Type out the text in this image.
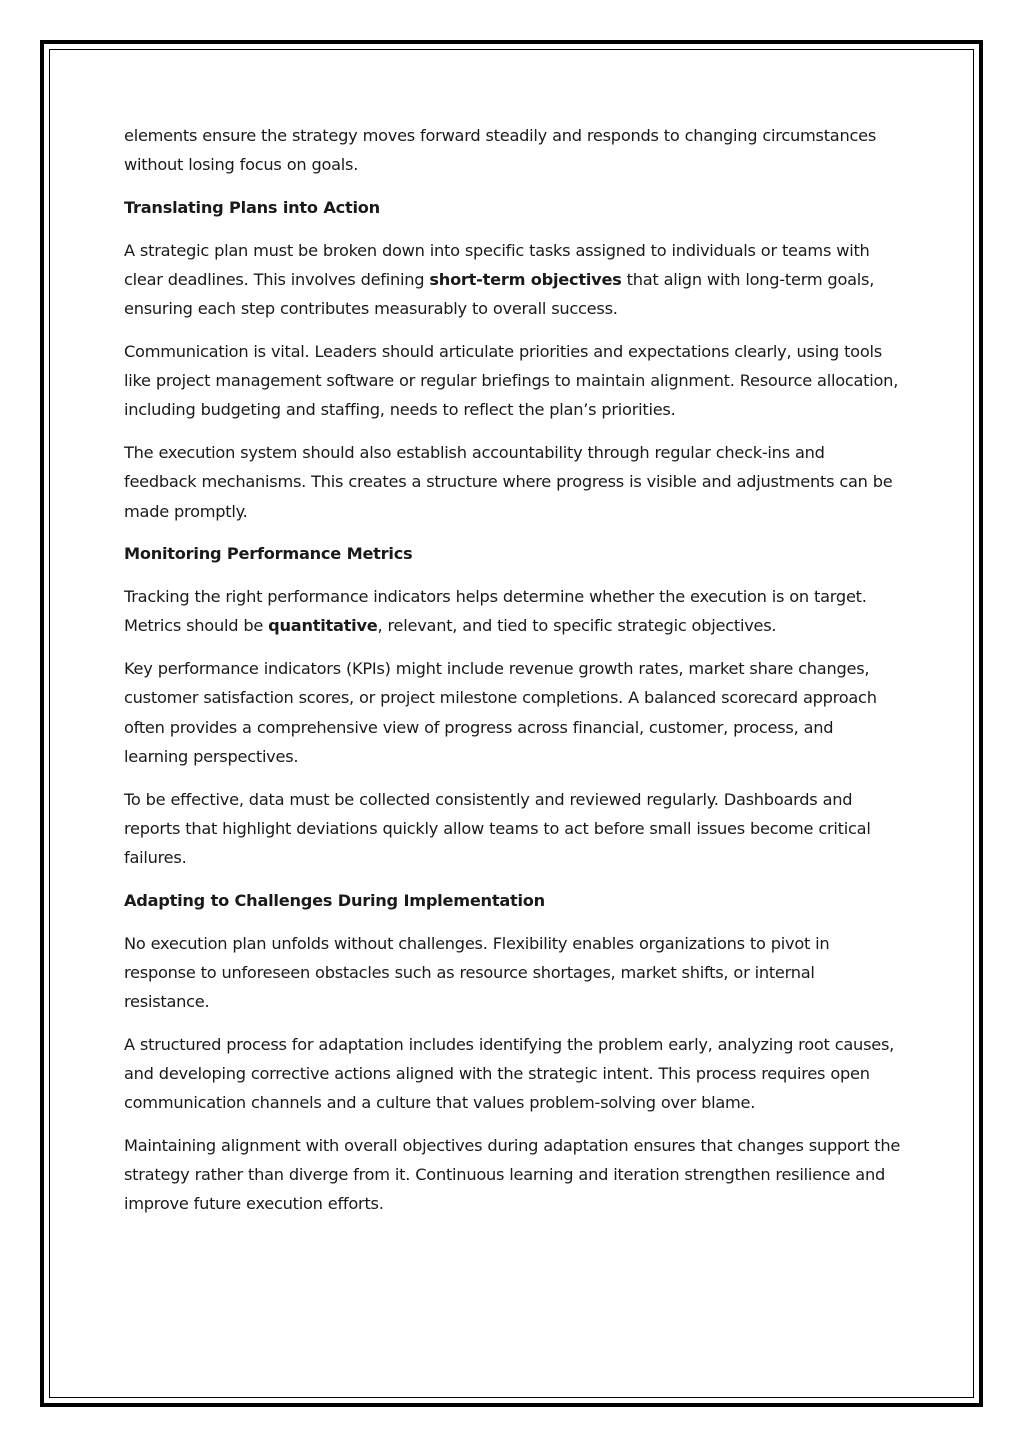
elements ensure the strategy moves forward steadily and responds to changing circumstances without losing focus on goals.

Translating Plans into Action

A strategic plan must be broken down into specific tasks assigned to individuals or teams with clear deadlines. This involves defining short-term objectives that align with long-term goals, ensuring each step contributes measurably to overall success.

Communication is vital. Leaders should articulate priorities and expectations clearly, using tools like project management software or regular briefings to maintain alignment. Resource allocation, including budgeting and staffing, needs to reflect the plan’s priorities.

The execution system should also establish accountability through regular check-ins and feedback mechanisms. This creates a structure where progress is visible and adjustments can be made promptly.

Monitoring Performance Metrics

Tracking the right performance indicators helps determine whether the execution is on target. Metrics should be quantitative, relevant, and tied to specific strategic objectives.

Key performance indicators (KPIs) might include revenue growth rates, market share changes, customer satisfaction scores, or project milestone completions. A balanced scorecard approach often provides a comprehensive view of progress across financial, customer, process, and learning perspectives.

To be effective, data must be collected consistently and reviewed regularly. Dashboards and reports that highlight deviations quickly allow teams to act before small issues become critical failures.

Adapting to Challenges During Implementation

No execution plan unfolds without challenges. Flexibility enables organizations to pivot in response to unforeseen obstacles such as resource shortages, market shifts, or internal resistance.

A structured process for adaptation includes identifying the problem early, analyzing root causes, and developing corrective actions aligned with the strategic intent. This process requires open communication channels and a culture that values problem-solving over blame.

Maintaining alignment with overall objectives during adaptation ensures that changes support the strategy rather than diverge from it. Continuous learning and iteration strengthen resilience and improve future execution efforts.
